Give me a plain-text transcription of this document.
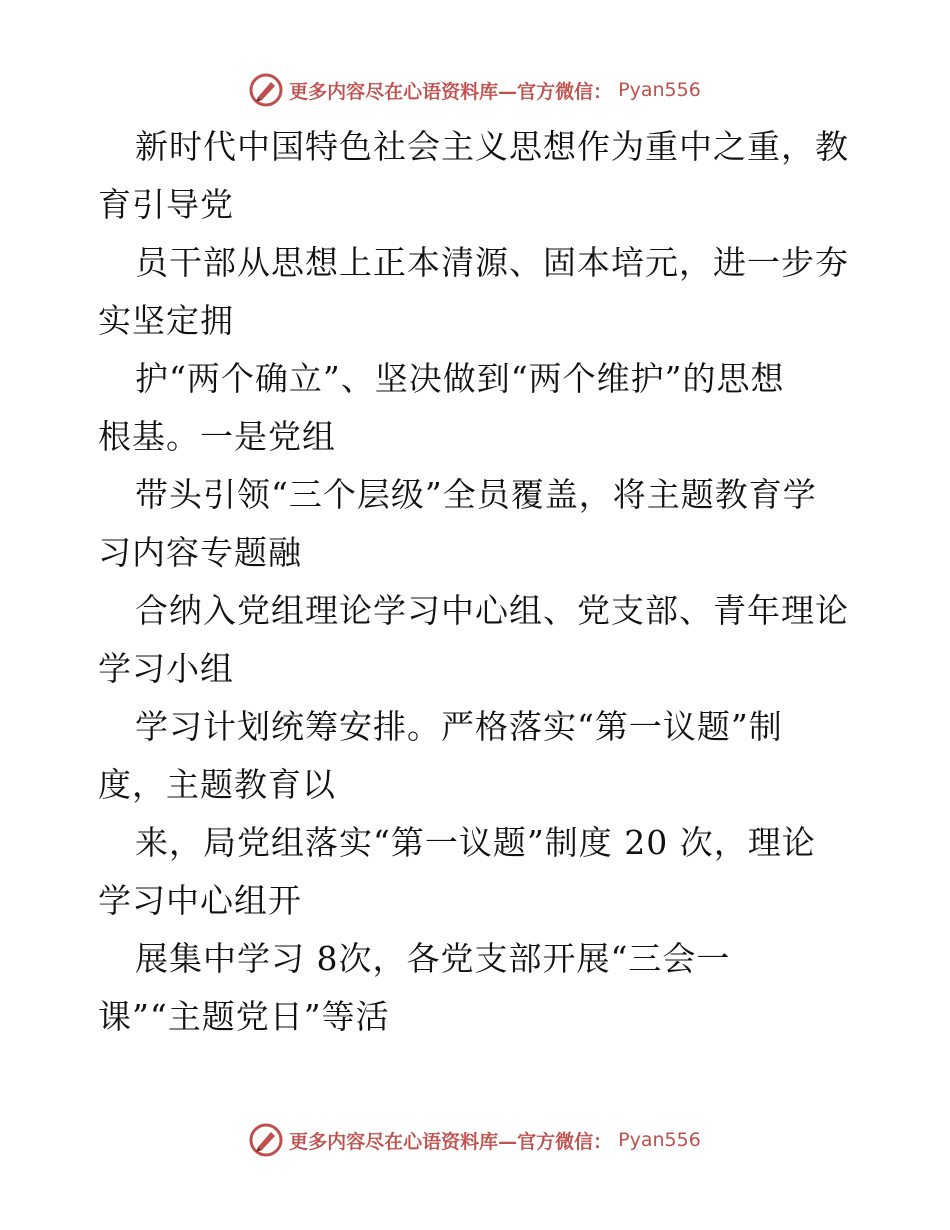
更多内容尽在心语资料库—官方微信： Pyan556
新时代中国特色社会主义思想作为重中之重，教
育引导党
员干部从思想上正本清源、固本培元，进一步夯
实坚定拥
护“两个确立”、坚决做到“两个维护”的思想
根基。一是党组
带头引领“三个层级”全员覆盖，将主题教育学
习内容专题融
合纳入党组理论学习中心组、党支部、青年理论
学习小组
学习计划统筹安排。严格落实“第一议题”制
度，主题教育以
来，局党组落实“第一议题”制度 20 次，理论
学习中心组开
展集中学习 8次，各党支部开展“三会一
课”“主题党日”等活
更多内容尽在心语资料库—官方微信： Pyan556
